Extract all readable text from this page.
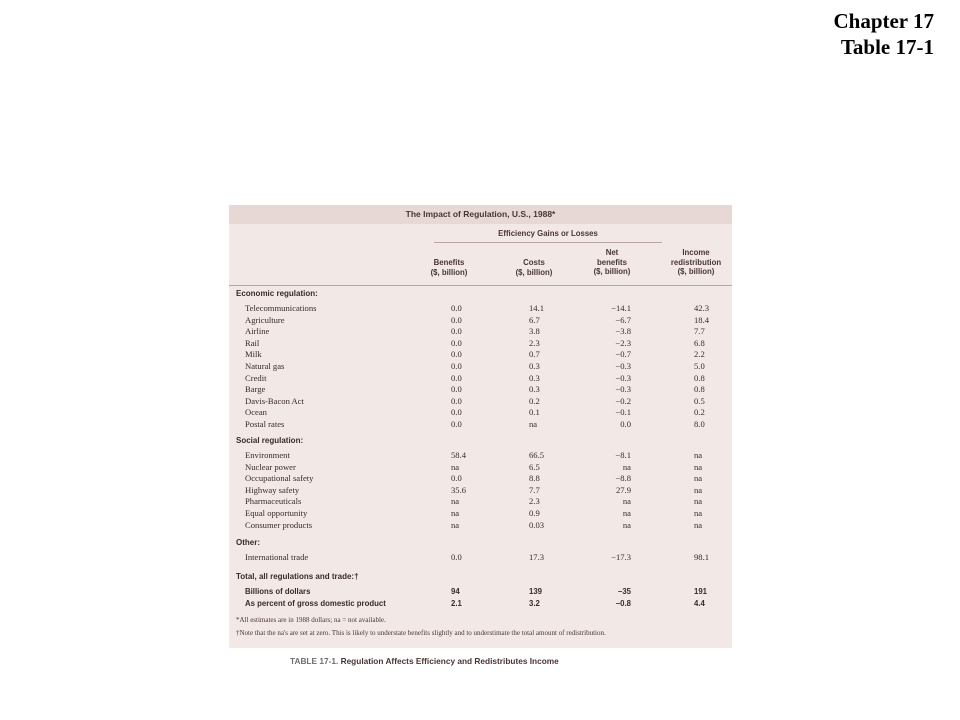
Chapter 17
Table 17-1
The Impact of Regulation, U.S., 1988*
Efficiency Gains or Losses
Benefits
($, billion)
Costs
($, billion)
Net
benefits
($, billion)
Income
redistribution
($, billion)
Economic regulation:
Telecommunications	0.0	14.1	−14.1	42.3
Agriculture	0.0	6.7	−6.7	18.4
Airline	0.0	3.8	−3.8	7.7
Rail	0.0	2.3	−2.3	6.8
Milk	0.0	0.7	−0.7	2.2
Natural gas	0.0	0.3	−0.3	5.0
Credit	0.0	0.3	−0.3	0.8
Barge	0.0	0.3	−0.3	0.8
Davis-Bacon Act	0.0	0.2	−0.2	0.5
Ocean	0.0	0.1	−0.1	0.2
Postal rates	0.0	na	0.0	8.0
Social regulation:
Environment	58.4	66.5	−8.1	na
Nuclear power	na	6.5	na	na
Occupational safety	0.0	8.8	−8.8	na
Highway safety	35.6	7.7	27.9	na
Pharmaceuticals	na	2.3	na	na
Equal opportunity	na	0.9	na	na
Consumer products	na	0.03	na	na
Other:
International trade	0.0	17.3	−17.3	98.1
Total, all regulations and trade:†
Billions of dollars	94	139	−35	191
As percent of gross domestic product	2.1	3.2	−0.8	4.4
*All estimates are in 1988 dollars; na = not available.
†Note that the na's are set at zero. This is likely to understate benefits slightly and to understimate the total amount of redistribution.
TABLE 17-1. Regulation Affects Efficiency and Redistributes Income
